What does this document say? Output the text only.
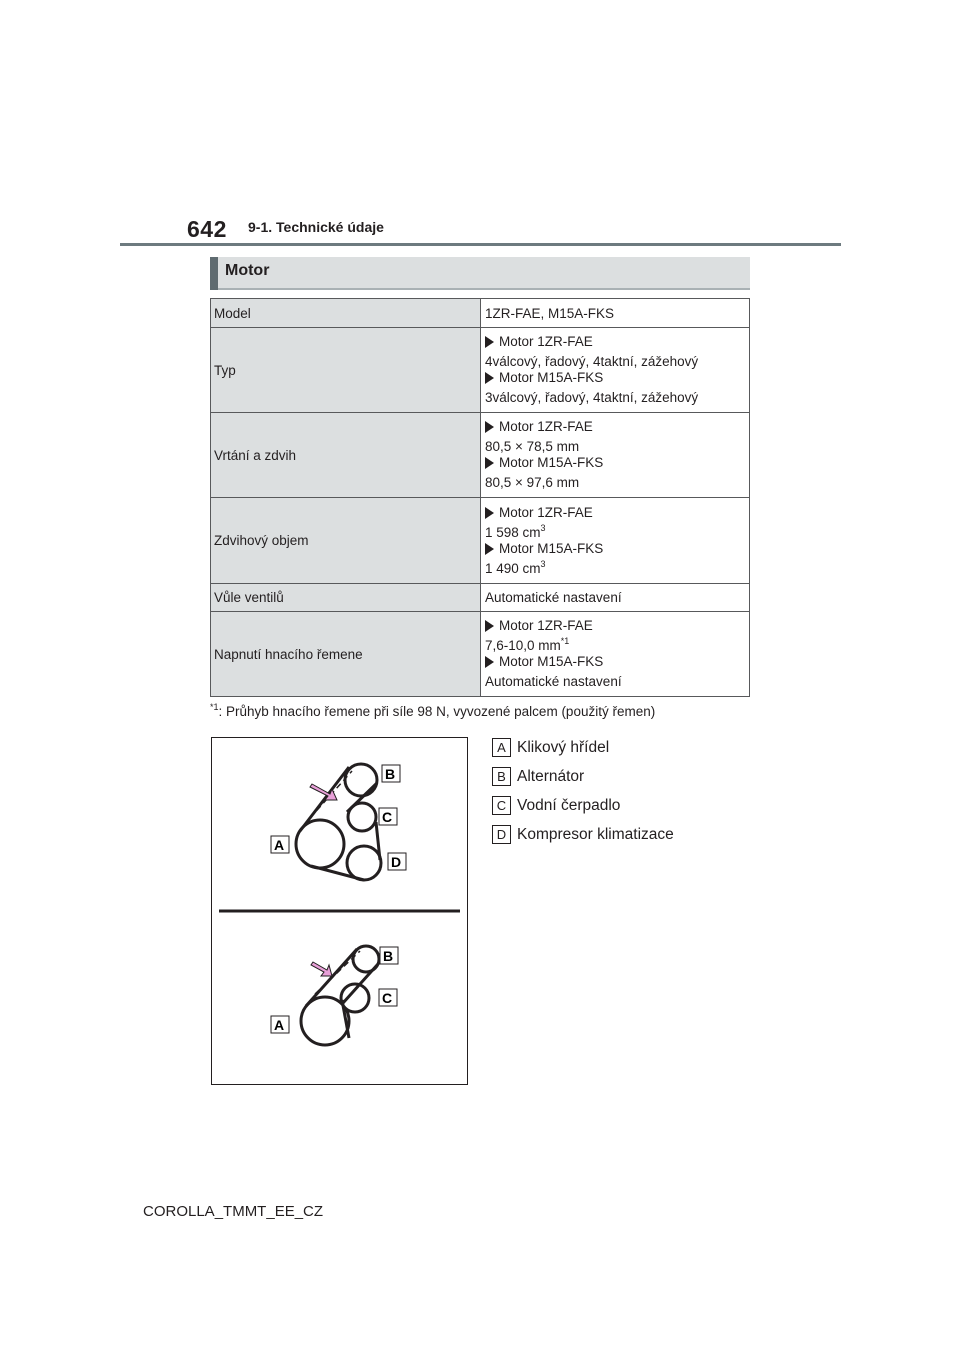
642 9-1. Technické údaje
Motor
Model	1ZR-FAE, M15A-FKS
Typ	Motor 1ZR-FAE
4válcový, řadový, 4taktní, zážehový
Motor M15A-FKS
3válcový, řadový, 4taktní, zážehový

Vrtání a zdvih	Motor 1ZR-FAE
80,5 × 78,5 mm
Motor M15A-FKS
80,5 × 97,6 mm

Zdvihový objem	Motor 1ZR-FAE
1 598 $cm^3$
Motor M15A-FKS
1 490 $cm^3$

Vůle ventilů	Automatické nastavení
Napnutí hnacího řemene	Motor 1ZR-FAE
7,6-10,0 $mm^{*1}$
Motor M15A-FKS
Automatické nastavení
$^{*1}$: Průhyb hnacího řemene při síle 98 N, vyvozené palcem (použitý řemen)
A
B
C
D
A
B
C
A Klikový hřídel
B Alternátor
C Vodní čerpadlo
D Kompresor klimatizace
COROLLA_TMMT_EE_CZ
